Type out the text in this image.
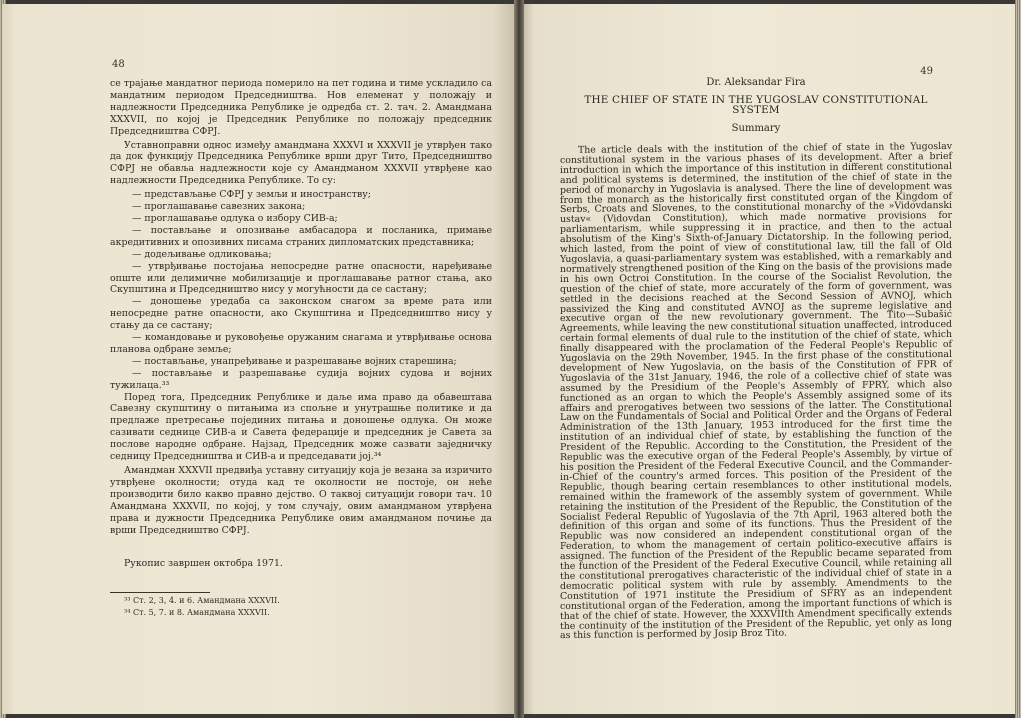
48

се трајање мандатног периода померило на пет година и тиме ускладило са мандатним периодом Председништва. Нов елеменат у положају и надлежности Председника Републике је одредба ст. 2. тач. 2. Амандмана XXXVII, по којој је Председник Републике по положају председник Председништва СФРЈ.

Уставноправни однос између амандмана XXXVI и XXXVII је утврђен тако да док функцију Председника Републике врши друг Тито, Председништво СФРЈ не обавља надлежности које су Амандманом XXXVII утврђене као надлежности Председника Републике. То су:

— представљање СФРЈ у земљи и иностранству;
— проглашавање савезних закона;
— проглашавање одлука о избору СИВ-а;
— постављање и опозивање амбасадора и посланика, примање акредитивних и опозивних писама страних дипломатских представника;
— додељивање одликовања;
— утврђивање постојања непосредне ратне опасности, наређивање опште или делимичне мобилизације и проглашавање ратног стања, ако Скупштина и Председништво нису у могућности да се састану;
— доношење уредаба са законском снагом за време рата или непосредне ратне опасности, ако Скупштина и Председништво нису у стању да се састану;
— командовање и руковођење оружаним снагама и утврђивање основа планова одбране земље;
— постављање, унапређивање и разрешавање војних старешина;
— постављање и разрешавање судија војних судова и војних тужилаца.³³

Поред тога, Председник Републике и даље има право да обавештава Савезну скупштину о питањима из спољне и унутрашње политике и да предлаже претресање појединих питања и доношење одлука. Он може сазивати седнице СИВ-а и Савета федерације и председник је Савета за послове народне одбране. Најзад, Председник може сазвати заједничку седницу Председништва и СИВ-а и председавати јој.³⁴

Амандман XXXVII предвиђа уставну ситуацију која је везана за изричито утврђене околности; отуда кад те околности не постоје, он нeће производити било какво правно дејство. О таквој ситуацији говори тач. 10 Амандмана XXXVII, по којој, у том случају, овим амандманом утврђена права и дужности Председника Републике овим амандманом почиње да врши Председништво СФРЈ.

Рукопис завршен октобра 1971.

³³ Ст. 2, 3, 4. и 6. Амандмана XXXVII.

³⁴ Ст. 5, 7. и 8. Амандмана XXXVII.

49

Dr. Aleksandar Fira

THE CHIEF OF STATE IN THE YUGOSLAV CONSTITUTIONAL SYSTEM

Summary

The article deals with the institution of the chief of state in the Yugoslav constitutional system in the various phases of its development. After a brief introduction in which the importance of this institution in different constitutional and political systems is determined, the institution of the chief of state in the period of monarchy in Yugoslavia is analysed. There the line of development was from the monarch as the historically first constituted organ of the Kingdom of Serbs, Croats and Slovenes, to the constitutional monarchy of the »Vidovdanski ustav« (Vidovdan Constitution), which made normative provisions for parliamentarism, while suppressing it in practice, and then to the actual absolutism of the King's Sixth-of-January Dictatorship. In the following period, which lasted, from the point of view of constitutional law, till the fall of Old Yugoslavia, a quasi-parliamentary system was established, with a remarkably and normatively strengthened position of the King on the basis of the provisions made in his own Octroi Constitution. In the course of the Socialist Revolution, the question of the chief of state, more accurately of the form of government, was settled in the decisions reached at the Second Session of AVNOJ, which passivized the King and constituted AVNOJ as the supreme legislative and executive organ of the new revolutionary government. The Tito—Subašić Agreements, while leaving the new constitutional situation unaffected, introduced certain formal elements of dual rule to the institution of the chief of state, which finally disappeared with the proclamation of the Federal People's Republic of Yugoslavia on the 29th November, 1945. In the first phase of the constitutional development of New Yugoslavia, on the basis of the Constitution of FPR of Yugoslavia of the 31st January, 1946, the role of a collective chief of state was assumed by the Presidium of the People's Assembly of FPRY, which also functioned as an organ to which the People's Assembly assigned some of its affairs and prerogatives between two sessions of the latter. The Constitutional Law on the Fundamentals of Social and Political Order and the Organs of Federal Administration of the 13th January, 1953 introduced for the first time the institution of an individual chief of state, by establishing the function of the President of the Republic. According to the Constitution, the President of the Republic was the executive organ of the Federal People's Assembly, by virtue of his position the President of the Federal Executive Council, and the Commander-in-Chief of the country's armed forces. This position of the President of the Republic, though bearing certain resemblances to other institutional models, remained within the framework of the assembly system of government. While retaining the institution of the President of the Republic, the Constitution of the Socialist Federal Republic of Yugoslavia of the 7th April, 1963 altered both the definition of this organ and some of its functions. Thus the President of the Republic was now considered an independent constitutional organ of the Federation, to whom the management of certain politico-executive affairs is assigned. The function of the President of the Republic became separated from the function of the President of the Federal Executive Council, while retaining all the constitutional prerogatives characteristic of the individual chief of state in a democratic political system with rule by assembly. Amendments to the Constitution of 1971 institute the Presidium of SFRY as an independent constitutional organ of the Federation, among the important functions of which is that of the chief of state. However, the XXXVIIth Amendment specifically extends the continuity of the institution of the President of the Republic, yet only as long as this function is performed by Josip Broz Tito.
